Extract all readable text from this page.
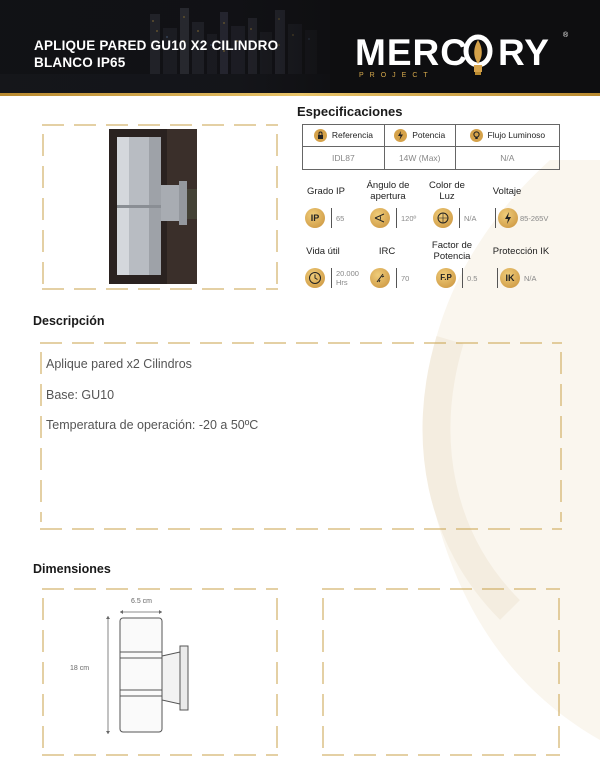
APLIQUE PARED GU10 X2 CILINDRO
BLANCO IP65	MERC RY
PROJECT
®
Especificaciones
Referencia	Potencia	Flujo Luminoso
IDL87	14W (Max)	N/A
Grado IP
IP	65
Ángulo de apertura
120º
Color de Luz
N/A
Voltaje
85-265V
Vida útil
20.000 Hrs
IRC
70
Factor de Potencia
F.P	0.5
Protección IK
IK	N/A
Descripción
Aplique pared x2 Cilindros
Base: GU10
Temperatura de operación: -20 a 50ºC
Dimensiones
6.5 cm
18 cm
